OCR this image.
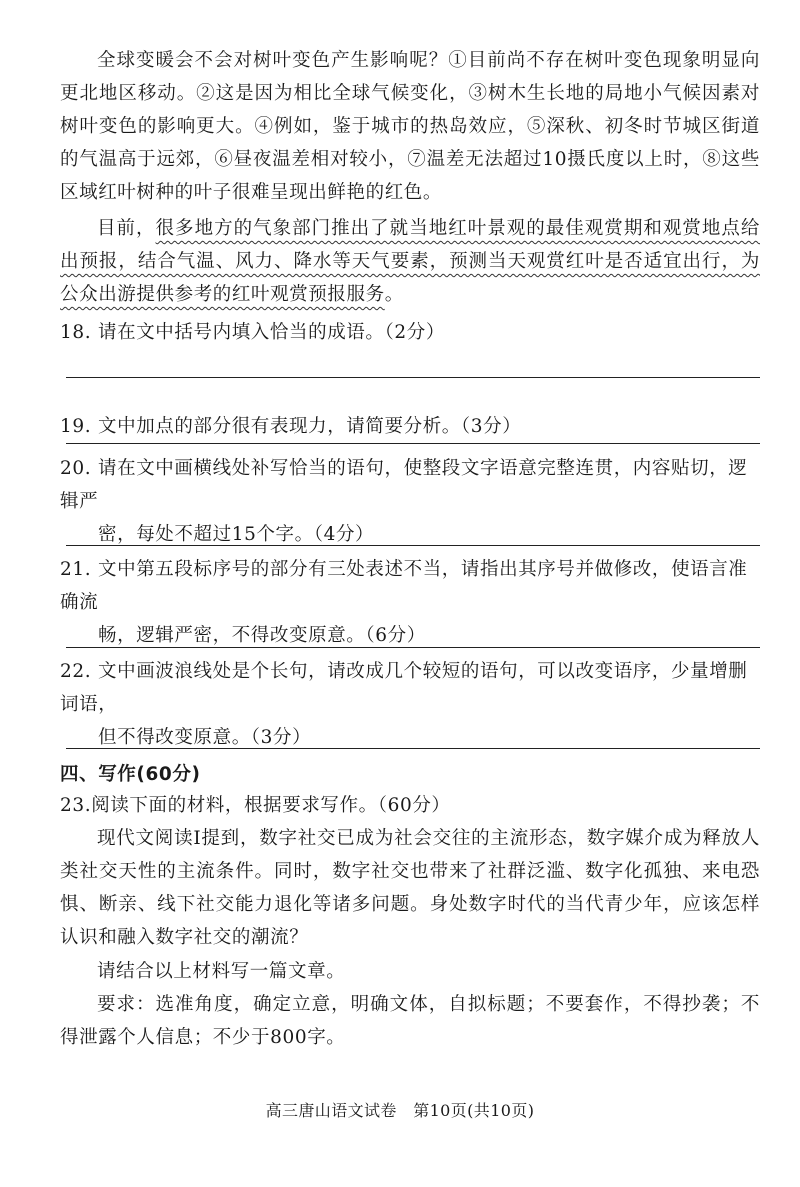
全球变暖会不会对树叶变色产生影响呢？①目前尚不存在树叶变色现象明显向更北地区移动。②这是因为相比全球气候变化，③树木生长地的局地小气候因素对树叶变色的影响更大。④例如，鉴于城市的热岛效应，⑤深秋、初冬时节城区街道的气温高于远郊，⑥昼夜温差相对较小，⑦温差无法超过10摄氏度以上时，⑧这些区域红叶树种的叶子很难呈现出鲜艳的红色。

目前，很多地方的气象部门推出了就当地红叶景观的最佳观赏期和观赏地点给出预报，结合气温、风力、降水等天气要素，预测当天观赏红叶是否适宜出行，为公众出游提供参考的红叶观赏预报服务。

18. 请在文中括号内填入恰当的成语。（2分）
19. 文中加点的部分很有表现力，请简要分析。（3分）
20. 请在文中画横线处补写恰当的语句，使整段文字语意完整连贯，内容贴切，逻辑严
密，每处不超过15个字。（4分）
21. 文中第五段标序号的部分有三处表述不当，请指出其序号并做修改，使语言准确流
畅，逻辑严密，不得改变原意。（6分）
22. 文中画波浪线处是个长句，请改成几个较短的语句，可以改变语序，少量增删词语，
但不得改变原意。（3分）
四、写作(60分)
23.阅读下面的材料，根据要求写作。（60分）

现代文阅读Ⅰ提到，数字社交已成为社会交往的主流形态，数字媒介成为释放人类社交天性的主流条件。同时，数字社交也带来了社群泛滥、数字化孤独、来电恐惧、断亲、线下社交能力退化等诸多问题。身处数字时代的当代青少年，应该怎样认识和融入数字社交的潮流？

请结合以上材料写一篇文章。

要求：选准角度，确定立意，明确文体，自拟标题；不要套作，不得抄袭；不得泄露个人信息；不少于800字。

高三唐山语文试卷　第10页(共10页)
